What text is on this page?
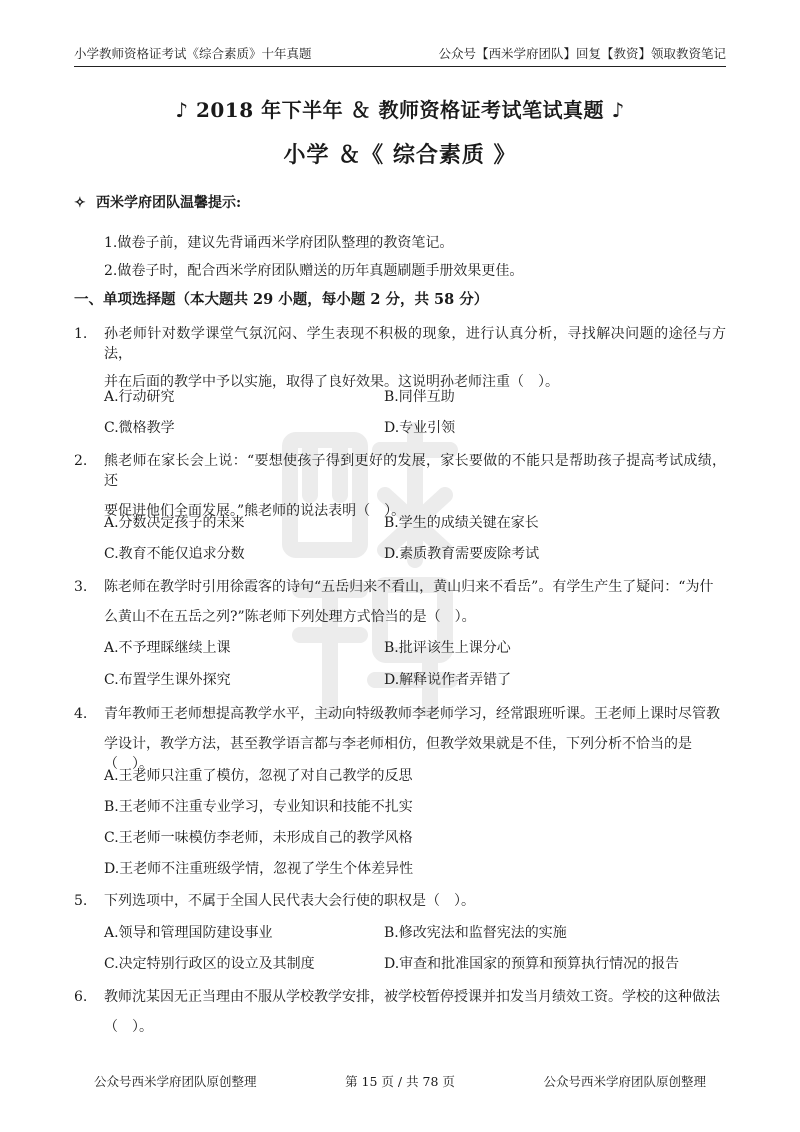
小学教师资格证考试《综合素质》十年真题	公众号【西米学府团队】回复【教资】领取教资笔记
♪ 2018 年下半年 ＆ 教师资格证考试笔试真题 ♪
小学 ＆《 综合素质 》
✧ 西米学府团队温馨提示:
1.做卷子前，建议先背诵西米学府团队整理的教资笔记。
2.做卷子时，配合西米学府团队赠送的历年真题刷题手册效果更佳。
一、单项选择题（本大题共 29 小题，每小题 2 分，共 58 分）
1. 孙老师针对数学课堂气氛沉闷、学生表现不积极的现象，进行认真分析，寻找解决问题的途径与方法，
并在后面的教学中予以实施，取得了良好效果。这说明孙老师注重（　）。
A.行动研究	B.同伴互助
C.微格教学	D.专业引领
2. 熊老师在家长会上说：“要想使孩子得到更好的发展，家长要做的不能只是帮助孩子提高考试成绩，还
要促进他们全面发展。”熊老师的说法表明（　）。
A.分数决定孩子的未来	B.学生的成绩关键在家长
C.教育不能仅追求分数	D.素质教育需要废除考试
3. 陈老师在教学时引用徐霞客的诗句“五岳归来不看山，黄山归来不看岳”。有学生产生了疑问：“为什
么黄山不在五岳之列?”陈老师下列处理方式恰当的是（　）。
A.不予理睬继续上课	B.批评该生上课分心
C.布置学生课外探究	D.解释说作者弄错了
4. 青年教师王老师想提高教学水平，主动向特级教师李老师学习，经常跟班听课。王老师上课时尽管教
学设计，教学方法，甚至教学语言都与李老师相仿，但教学效果就是不佳，下列分析不恰当的是（　）。
A.王老师只注重了模仿，忽视了对自己教学的反思
B.王老师不注重专业学习，专业知识和技能不扎实
C.王老师一味模仿李老师，未形成自己的教学风格
D.王老师不注重班级学情，忽视了学生个体差异性
5. 下列选项中，不属于全国人民代表大会行使的职权是（　）。
A.领导和管理国防建设事业	B.修改宪法和监督宪法的实施
C.决定特别行政区的设立及其制度	D.审查和批准国家的预算和预算执行情况的报告
6. 教师沈某因无正当理由不服从学校教学安排，被学校暂停授课并扣发当月绩效工资。学校的这种做法
（　）。
公众号西米学府团队原创整理	第 15 页 / 共 78 页	公众号西米学府团队原创整理
